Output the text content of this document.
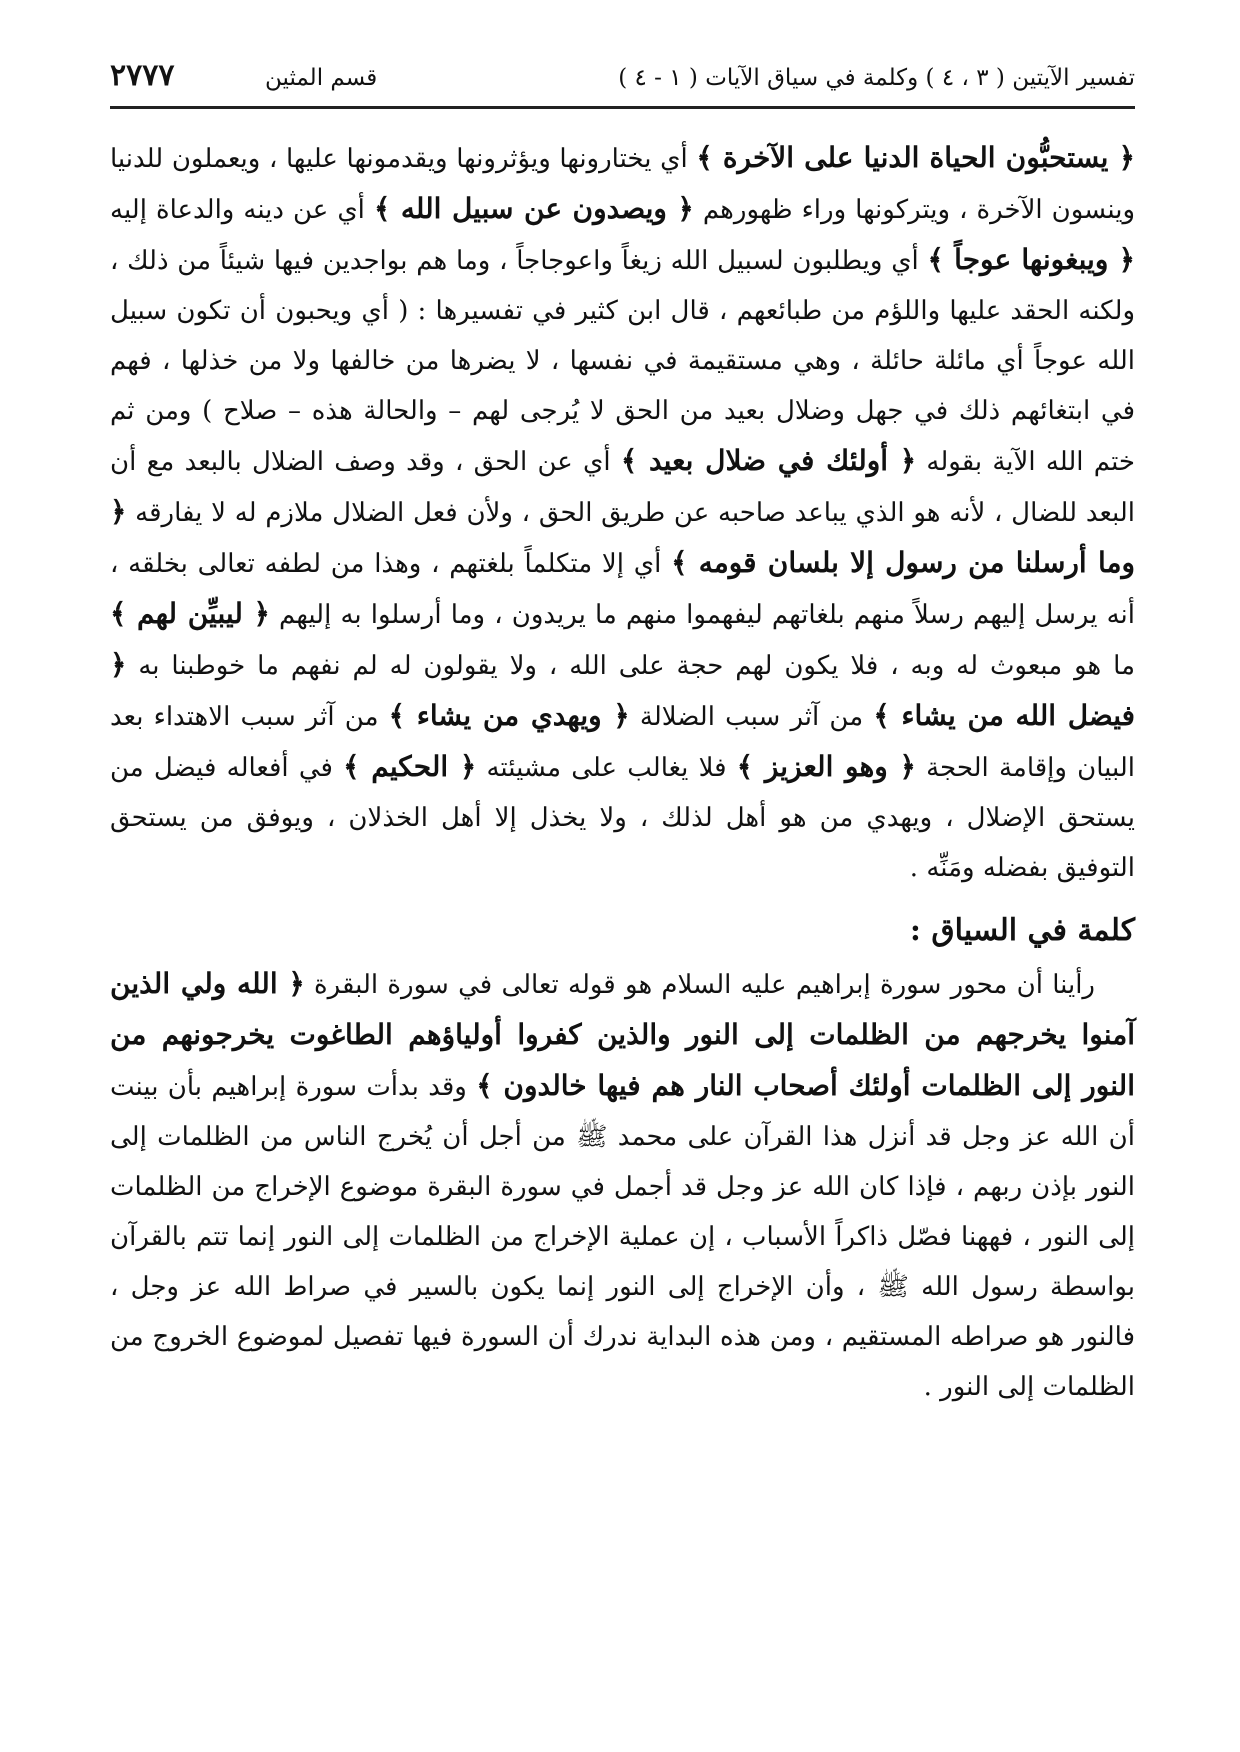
تفسير الآيتين ( ٣ ، ٤ ) وكلمة في سياق الآيات ( ١ - ٤ )
قسم المثين
٢٧٧٧

﴿ يستحبُّون الحياة الدنيا على الآخرة ﴾ أي يختارونها ويؤثرونها ويقدمونها عليها ، ويعملون للدنيا وينسون الآخرة ، ويتركونها وراء ظهورهم ﴿ ويصدون عن سبيل الله ﴾ أي عن دينه والدعاة إليه ﴿ ويبغونها عوجاً ﴾ أي ويطلبون لسبيل الله زيغاً واعوجاجاً ، وما هم بواجدين فيها شيئاً من ذلك ، ولكنه الحقد عليها واللؤم من طبائعهم ، قال ابن كثير في تفسيرها : ( أي ويحبون أن تكون سبيل الله عوجاً أي مائلة حائلة ، وهي مستقيمة في نفسها ، لا يضرها من خالفها ولا من خذلها ، فهم في ابتغائهم ذلك في جهل وضلال بعيد من الحق لا يُرجى لهم – والحالة هذه – صلاح ) ومن ثم ختم الله الآية بقوله ﴿ أولئك في ضلال بعيد ﴾ أي عن الحق ، وقد وصف الضلال بالبعد مع أن البعد للضال ، لأنه هو الذي يباعد صاحبه عن طريق الحق ، ولأن فعل الضلال ملازم له لا يفارقه ﴿ وما أرسلنا من رسول إلا بلسان قومه ﴾ أي إلا متكلماً بلغتهم ، وهذا من لطفه تعالى بخلقه ، أنه يرسل إليهم رسلاً منهم بلغاتهم ليفهموا منهم ما يريدون ، وما أرسلوا به إليهم ﴿ ليبيِّن لهم ﴾ ما هو مبعوث له وبه ، فلا يكون لهم حجة على الله ، ولا يقولون له لم نفهم ما خوطبنا به ﴿ فيضل الله من يشاء ﴾ من آثر سبب الضلالة ﴿ ويهدي من يشاء ﴾ من آثر سبب الاهتداء بعد البيان وإقامة الحجة ﴿ وهو العزيز ﴾ فلا يغالب على مشيئته ﴿ الحكيم ﴾ في أفعاله فيضل من يستحق الإضلال ، ويهدي من هو أهل لذلك ، ولا يخذل إلا أهل الخذلان ، ويوفق من يستحق التوفيق بفضله ومَنِّه .

كلمة في السياق :

رأينا أن محور سورة إبراهيم عليه السلام هو قوله تعالى في سورة البقرة ﴿ الله ولي الذين آمنوا يخرجهم من الظلمات إلى النور والذين كفروا أولياؤهم الطاغوت يخرجونهم من النور إلى الظلمات أولئك أصحاب النار هم فيها خالدون ﴾ وقد بدأت سورة إبراهيم بأن بينت أن الله عز وجل قد أنزل هذا القرآن على محمد ﷺ من أجل أن يُخرج الناس من الظلمات إلى النور بإذن ربهم ، فإذا كان الله عز وجل قد أجمل في سورة البقرة موضوع الإخراج من الظلمات إلى النور ، فههنا فصّل ذاكراً الأسباب ، إن عملية الإخراج من الظلمات إلى النور إنما تتم بالقرآن بواسطة رسول الله ﷺ ، وأن الإخراج إلى النور إنما يكون بالسير في صراط الله عز وجل ، فالنور هو صراطه المستقيم ، ومن هذه البداية ندرك أن السورة فيها تفصيل لموضوع الخروج من الظلمات إلى النور .
